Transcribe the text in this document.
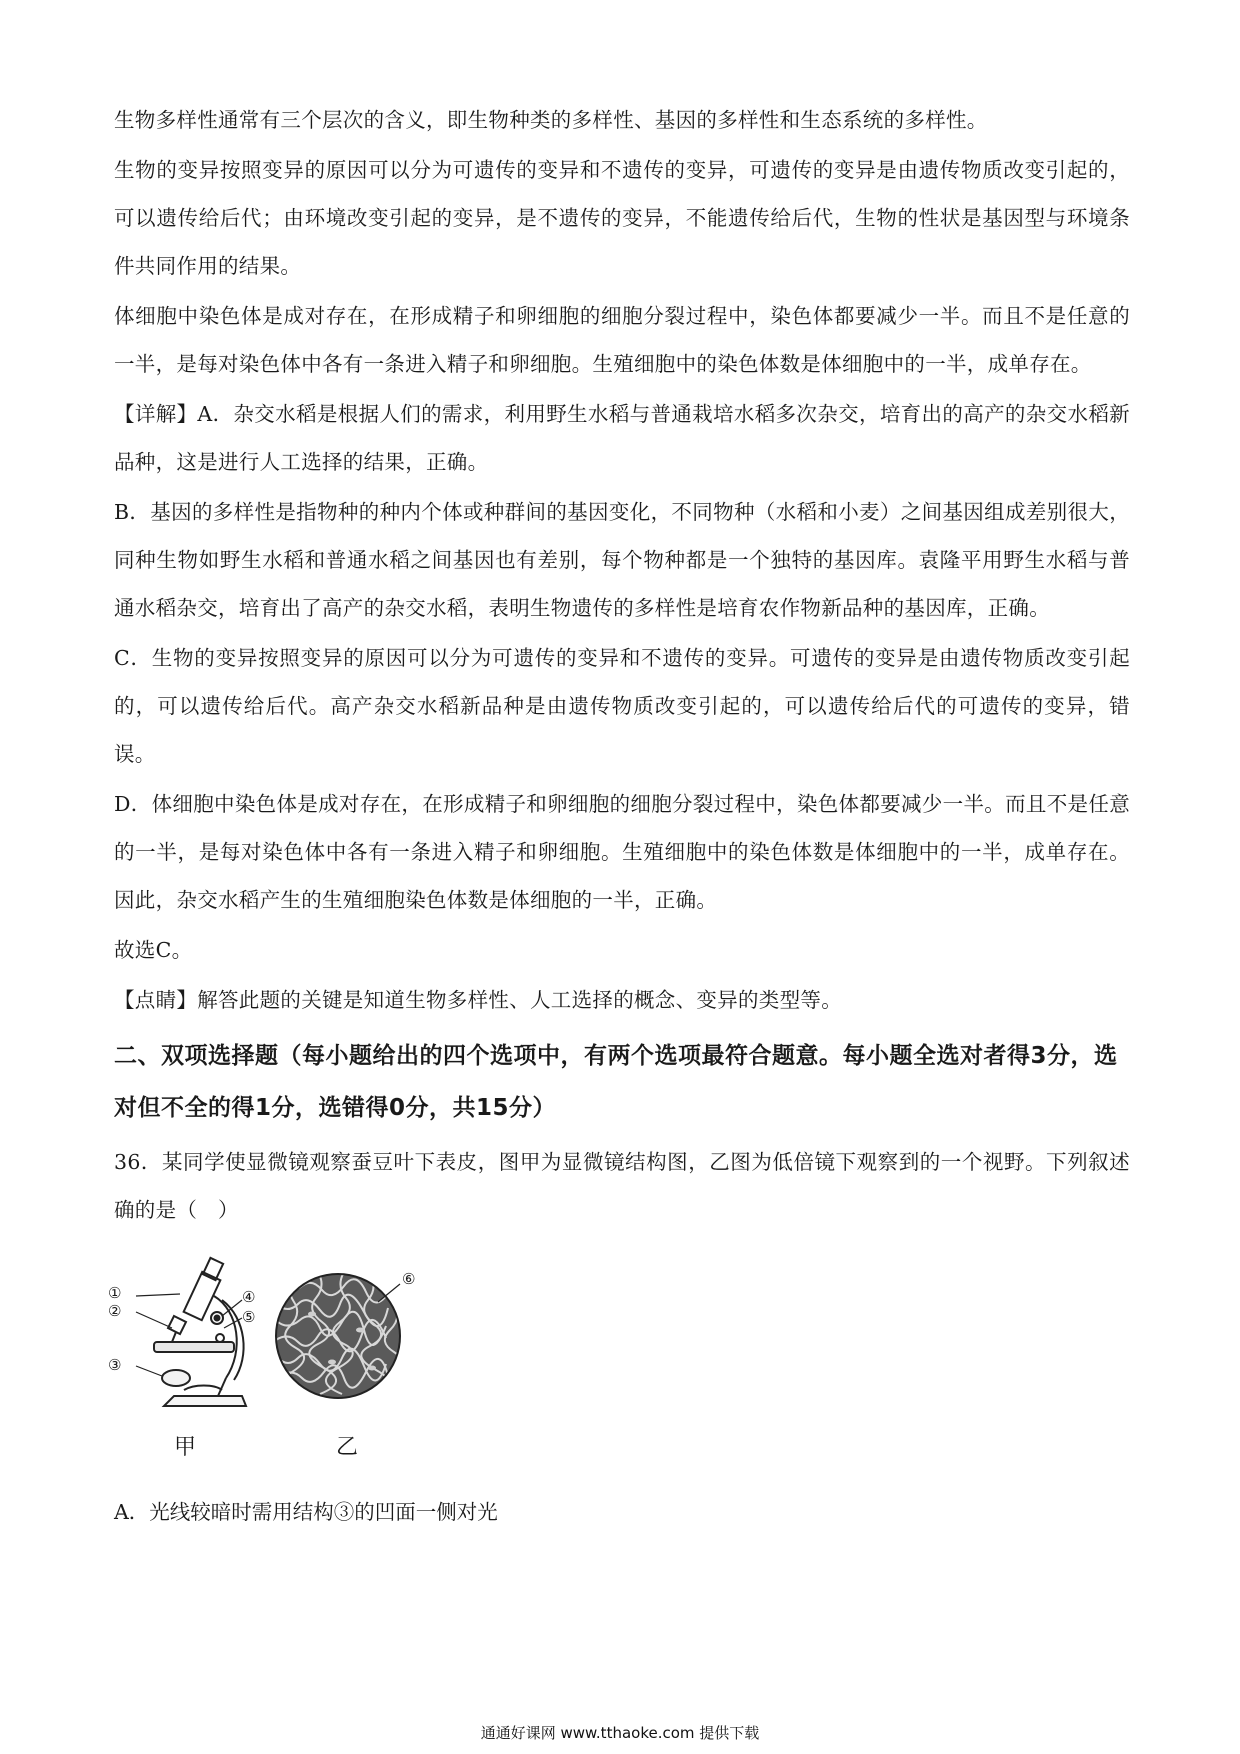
生物多样性通常有三个层次的含义，即生物种类的多样性、基因的多样性和生态系统的多样性。

生物的变异按照变异的原因可以分为可遗传的变异和不遗传的变异，可遗传的变异是由遗传物质改变引起的，可以遗传给后代；由环境改变引起的变异，是不遗传的变异，不能遗传给后代，生物的性状是基因型与环境条件共同作用的结果。

体细胞中染色体是成对存在，在形成精子和卵细胞的细胞分裂过程中，染色体都要减少一半。而且不是任意的一半，是每对染色体中各有一条进入精子和卵细胞。生殖细胞中的染色体数是体细胞中的一半，成单存在。

【详解】A．杂交水稻是根据人们的需求，利用野生水稻与普通栽培水稻多次杂交，培育出的高产的杂交水稻新品种，这是进行人工选择的结果，正确。

B．基因的多样性是指物种的种内个体或种群间的基因变化，不同物种（水稻和小麦）之间基因组成差别很大，同种生物如野生水稻和普通水稻之间基因也有差别，每个物种都是一个独特的基因库。袁隆平用野生水稻与普通水稻杂交，培育出了高产的杂交水稻，表明生物遗传的多样性是培育农作物新品种的基因库，正确。

C．生物的变异按照变异的原因可以分为可遗传的变异和不遗传的变异。可遗传的变异是由遗传物质改变引起的，可以遗传给后代。高产杂交水稻新品种是由遗传物质改变引起的，可以遗传给后代的可遗传的变异，错误。

D．体细胞中染色体是成对存在，在形成精子和卵细胞的细胞分裂过程中，染色体都要减少一半。而且不是任意的一半，是每对染色体中各有一条进入精子和卵细胞。生殖细胞中的染色体数是体细胞中的一半，成单存在。因此，杂交水稻产生的生殖细胞染色体数是体细胞的一半，正确。

故选C。

【点睛】解答此题的关键是知道生物多样性、人工选择的概念、变异的类型等。

二、双项选择题（每小题给出的四个选项中，有两个选项最符合题意。每小题全选对者得3分，选对但不全的得1分，选错得0分，共15分）

36．某同学使显微镜观察蚕豆叶下表皮，图甲为显微镜结构图，乙图为低倍镜下观察到的一个视野。下列叙述确的是（　）

①
②
③
④
⑤
甲
⑥
乙

A．光线较暗时需用结构③的凹面一侧对光

通通好课网 www.tthaoke.com 提供下载
